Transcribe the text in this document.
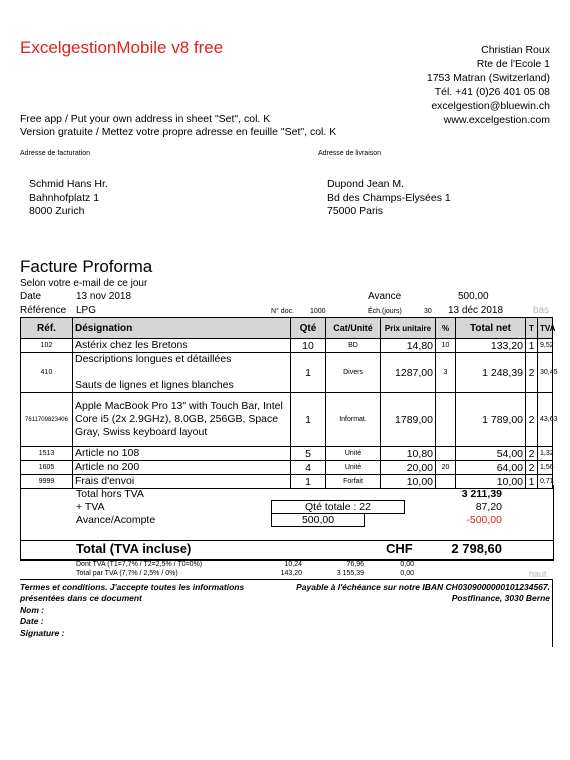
ExcelgestionMobile v8 free	Christian Roux
Rte de l'Ecole 1
1753 Matran (Switzerland)
Tél. +41 (0)26 401 05 08
excelgestion@bluewin.ch
www.excelgestion.com
Free app / Put your own address in sheet "Set", col. K
Version gratuite / Mettez votre propre adresse en feuille "Set", col. K
Adresse de facturation	Adresse de livraison
Schmid Hans Hr.
Bahnhofplatz 1
8000 Zurich
Dupond Jean M.
Bd des Champs-Elysées 1
75000 Paris
Facture Proforma
Selon votre e-mail de ce jour
Date	13 nov 2018	Avance	500,00
Référence LPG	N° doc. 1000	Éch.(jours)	30 13 déc 2018	bas
Réf.	Désignation	Qté	Cat/Unité	Prix unitaire	%	Total net	T	TVA
102	Astérix chez les Bretons	10	BD	14,80	10	133,20	1	9,52
410	Descriptions longues et détaillées

Sauts de lignes et lignes blanches	1	Divers	1287,00	3	1 248,39	2	30,45
7611709823406	Apple MacBook Pro 13" with Touch Bar, Intel Core i5 (2x 2.9GHz), 8.0GB, 256GB, Space Gray, Swiss keyboard layout	1	Informat.	1789,00		1 789,00	2	43,63
1513	Article no 108	5	Unité	10,80		54,00	2	1,32
1605	Article no 200	4	Unité	20,00	20	64,00	2	1,56
9999	Frais d'envoi	1	Forfait	10,00		10,00	1	0,71
Total hors TVA	3 211,39
+ TVA	Qté totale : 22	87,20
Avance/Acompte	500,00	-500,00
Total (TVA incluse)	CHF	2 798,60
Dont TVA (T1=7,7% / T2=2,5% / T0=0%)	10,24	76,96	0,00
Total par TVA (7,7% / 2,5% / 0%)	143,20	3 155,39	0,00	haut
Termes et conditions. J'accepte toutes les informations
présentées dans ce document
Nom :
Date :
Signature :
Payable à l'échéance sur notre IBAN CH0309000000101234567.
Postfinance, 3030 Berne
